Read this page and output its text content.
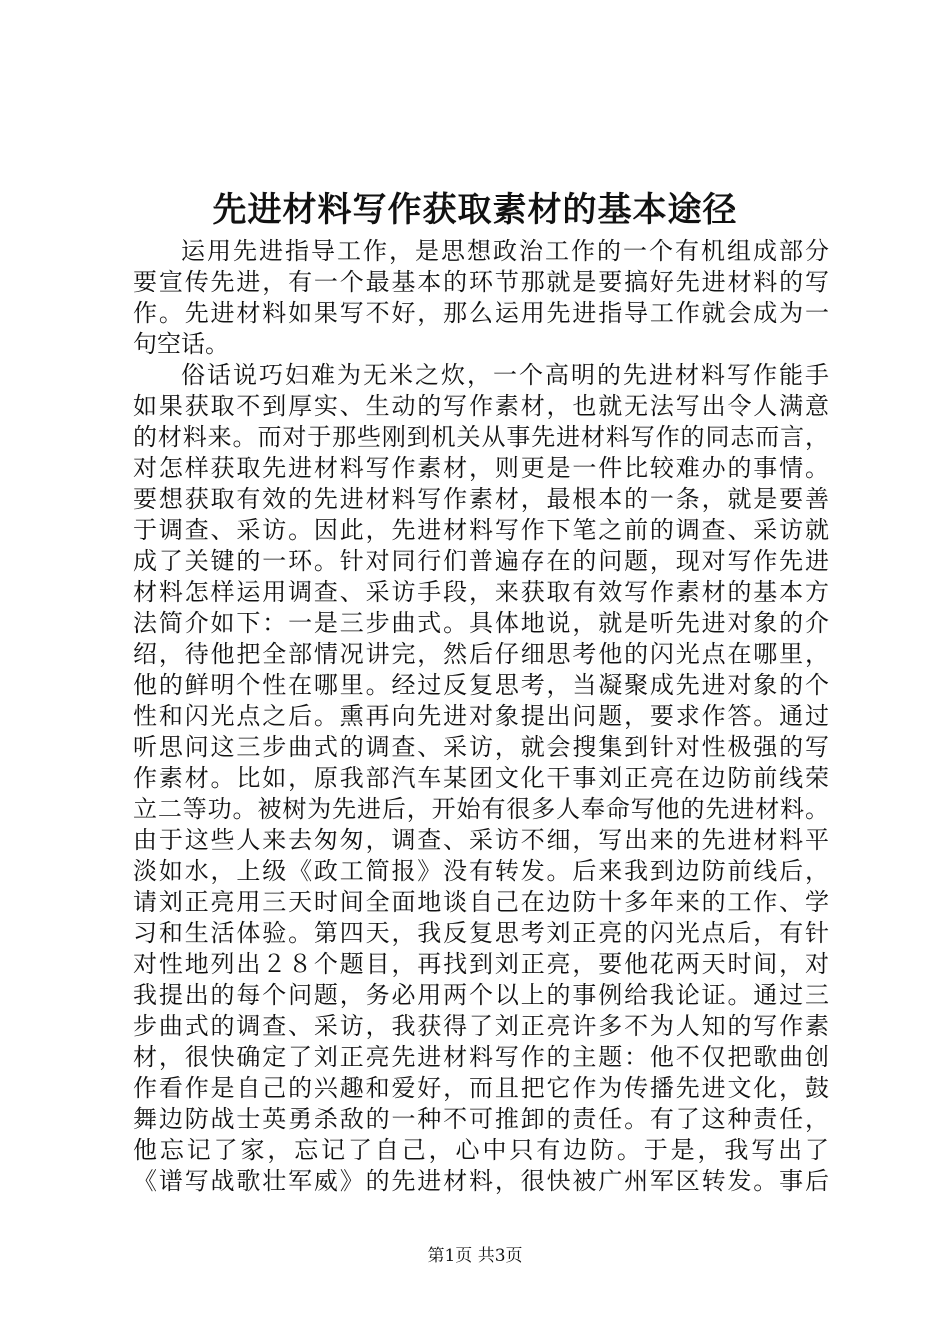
先进材料写作获取素材的基本途径
运用先进指导工作，是思想政治工作的一个有机组成部分
要宣传先进，有一个最基本的环节那就是要搞好先进材料的写
作。先进材料如果写不好，那么运用先进指导工作就会成为一
句空话。
俗话说巧妇难为无米之炊，一个高明的先进材料写作能手
如果获取不到厚实、生动的写作素材，也就无法写出令人满意
的材料来。而对于那些刚到机关从事先进材料写作的同志而言，
对怎样获取先进材料写作素材，则更是一件比较难办的事情。
要想获取有效的先进材料写作素材，最根本的一条，就是要善
于调查、采访。因此，先进材料写作下笔之前的调查、采访就
成了关键的一环。针对同行们普遍存在的问题，现对写作先进
材料怎样运用调查、采访手段，来获取有效写作素材的基本方
法简介如下：一是三步曲式。具体地说，就是听先进对象的介
绍，待他把全部情况讲完，然后仔细思考他的闪光点在哪里，
他的鲜明个性在哪里。经过反复思考，当凝聚成先进对象的个
性和闪光点之后。熏再向先进对象提出问题，要求作答。通过
听思问这三步曲式的调查、采访，就会搜集到针对性极强的写
作素材。比如，原我部汽车某团文化干事刘正亮在边防前线荣
立二等功。被树为先进后，开始有很多人奉命写他的先进材料。
由于这些人来去匆匆，调查、采访不细，写出来的先进材料平
淡如水，上级《政工简报》没有转发。后来我到边防前线后，
请刘正亮用三天时间全面地谈自己在边防十多年来的工作、学
习和生活体验。第四天，我反复思考刘正亮的闪光点后，有针
对性地列出２８个题目，再找到刘正亮，要他花两天时间，对
我提出的每个问题，务必用两个以上的事例给我论证。通过三
步曲式的调查、采访，我获得了刘正亮许多不为人知的写作素
材，很快确定了刘正亮先进材料写作的主题：他不仅把歌曲创
作看作是自己的兴趣和爱好，而且把它作为传播先进文化，鼓
舞边防战士英勇杀敌的一种不可推卸的责任。有了这种责任，
他忘记了家，忘记了自己，心中只有边防。于是，我写出了
《谱写战歌壮军威》的先进材料，很快被广州军区转发。事后
第1页 共3页
